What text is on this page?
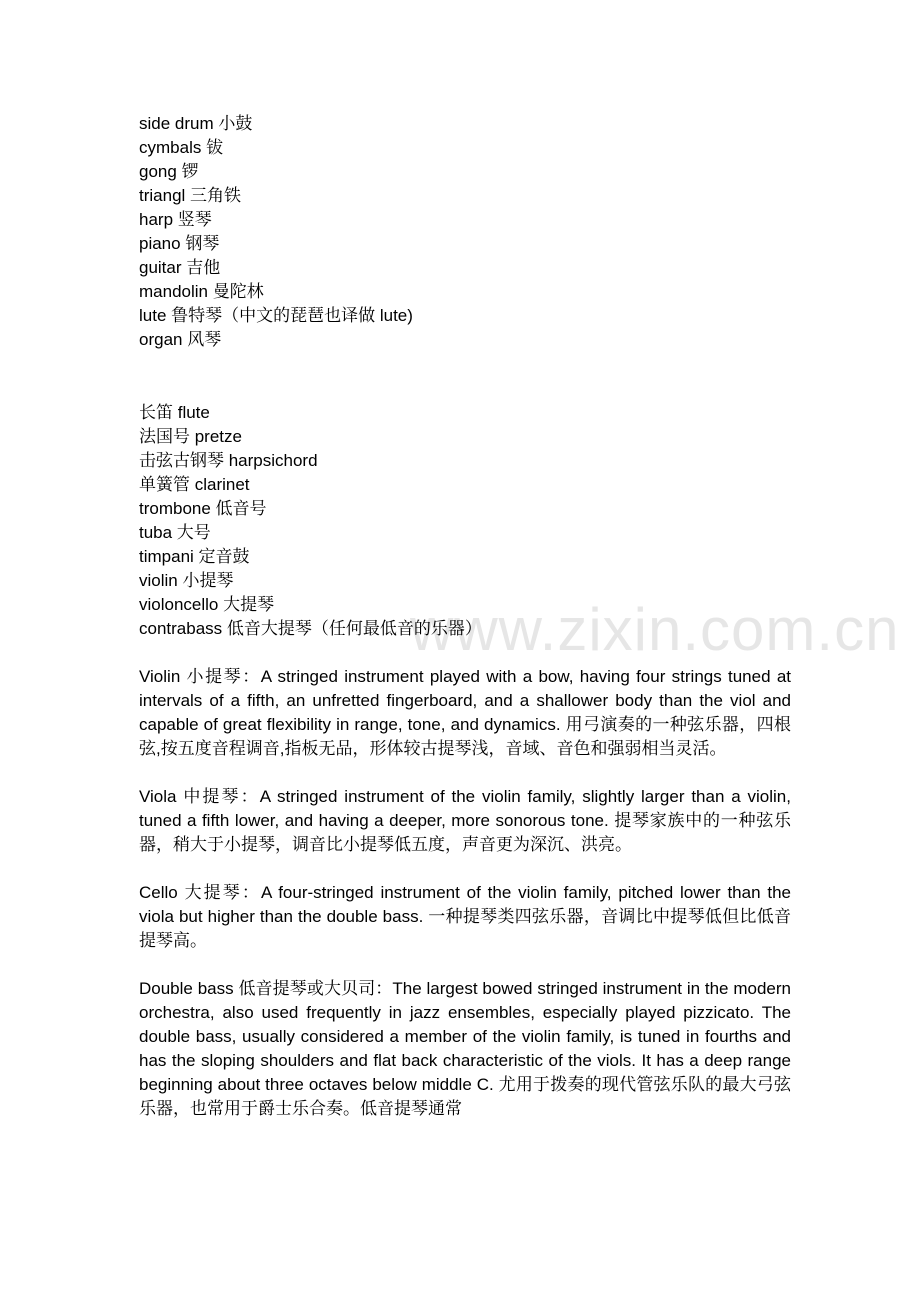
www.zixin.com.cn
side drum 小鼓
cymbals 钹
gong 锣
triangl 三角铁
harp 竖琴
piano 钢琴
guitar 吉他
mandolin 曼陀林
lute 鲁特琴（中文的琵琶也译做 lute)
organ 风琴
长笛 flute
法国号 pretze
击弦古钢琴 harpsichord
单簧管 clarinet
trombone 低音号
tuba 大号
timpani 定音鼓
violin 小提琴
violoncello 大提琴
contrabass 低音大提琴（任何最低音的乐器）

Violin 小提琴：A stringed instrument played with a bow, having four strings tuned at intervals of a fifth, an unfretted fingerboard, and a shallower body than the viol and capable of great flexibility in range, tone, and dynamics. 用弓演奏的一种弦乐器，四根弦,按五度音程调音,指板无品，形体较古提琴浅，音域、音色和强弱相当灵活。

Viola 中提琴：A stringed instrument of the violin family, slightly larger than a violin, tuned a fifth lower, and having a deeper, more sonorous tone. 提琴家族中的一种弦乐器，稍大于小提琴，调音比小提琴低五度，声音更为深沉、洪亮。

Cello 大提琴：A four-stringed instrument of the violin family, pitched lower than the viola but higher than the double bass. 一种提琴类四弦乐器，音调比中提琴低但比低音提琴高。

Double bass 低音提琴或大贝司：The largest bowed stringed instrument in the modern orchestra, also used frequently in jazz ensembles, especially played pizzicato. The double bass, usually considered a member of the violin family, is tuned in fourths and has the sloping shoulders and flat back characteristic of the viols. It has a deep range beginning about three octaves below middle C. 尤用于拨奏的现代管弦乐队的最大弓弦乐器，也常用于爵士乐合奏。低音提琴通常
